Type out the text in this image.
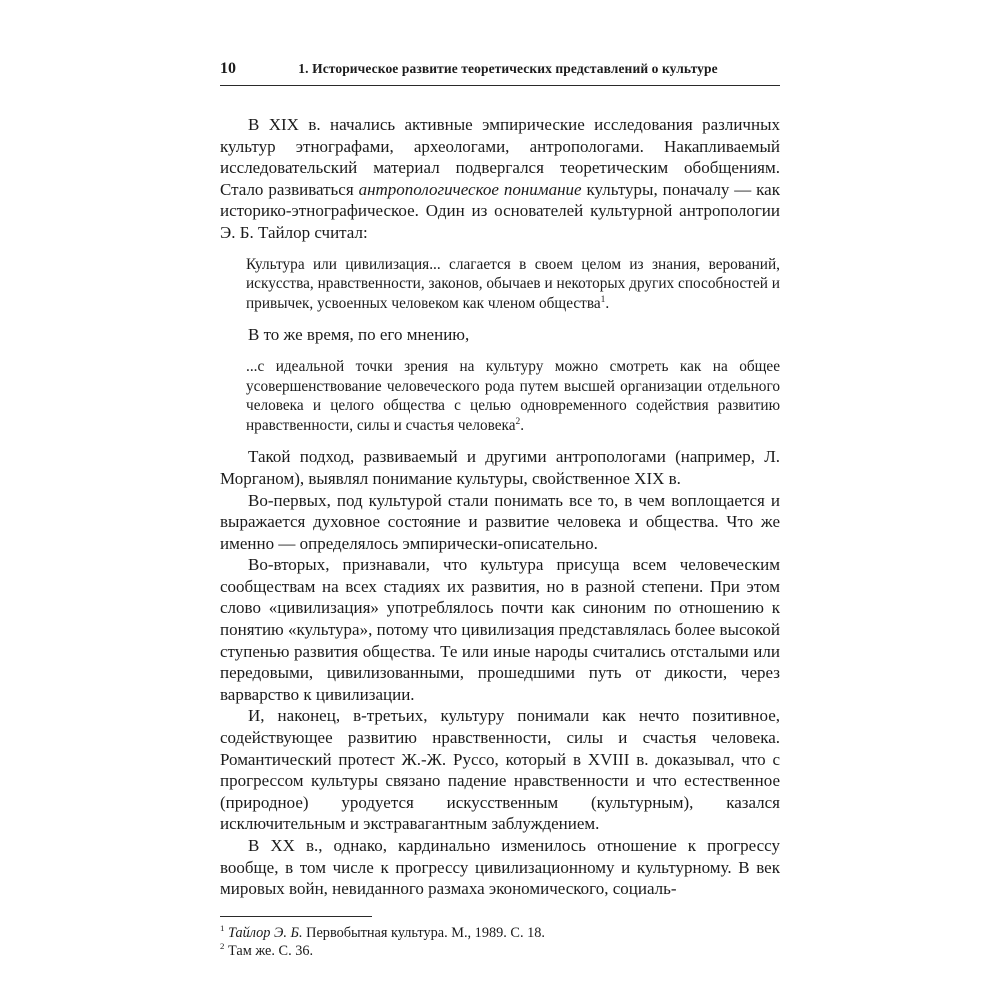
10	1. Историческое развитие теоретических представлений о культуре

В XIX в. начались активные эмпирические исследования различных культур этнографами, археологами, антропологами. Накапливаемый исследовательский материал подвергался теоретическим обобщениям. Стало развиваться антропологическое понимание культуры, поначалу — как историко-этнографическое. Один из основателей культурной антропологии Э. Б. Тайлор считал:

Культура или цивилизация... слагается в своем целом из знания, верований, искусства, нравственности, законов, обычаев и некоторых других способностей и привычек, усвоенных человеком как членом общества$^1$.

В то же время, по его мнению,

...с идеальной точки зрения на культуру можно смотреть как на общее усовершенствование человеческого рода путем высшей организации отдельного человека и целого общества с целью одновременного содействия развитию нравственности, силы и счастья человека$^2$.

Такой подход, развиваемый и другими антропологами (например, Л. Морганом), выявлял понимание культуры, свойственное XIX в.

Во-первых, под культурой стали понимать все то, в чем воплощается и выражается духовное состояние и развитие человека и общества. Что же именно — определялось эмпирически-описательно.

Во-вторых, признавали, что культура присуща всем человеческим сообществам на всех стадиях их развития, но в разной степени. При этом слово «цивилизация» употреблялось почти как синоним по отношению к понятию «культура», потому что цивилизация представлялась более высокой ступенью развития общества. Те или иные народы считались отсталыми или передовыми, цивилизованными, прошедшими путь от дикости, через варварство к цивилизации.

И, наконец, в-третьих, культуру понимали как нечто позитивное, содействующее развитию нравственности, силы и счастья человека. Романтический протест Ж.-Ж. Руссо, который в XVIII в. доказывал, что с прогрессом культуры связано падение нравственности и что естественное (природное) уродуется искусственным (культурным), казался исключительным и экстравагантным заблуждением.

В XX в., однако, кардинально изменилось отношение к прогрессу вообще, в том числе к прогрессу цивилизационному и культурному. В век мировых войн, невиданного размаха экономического, социаль-

$^1$ Тайлор Э. Б. Первобытная культура. М., 1989. С. 18.

$^2$ Там же. С. 36.
